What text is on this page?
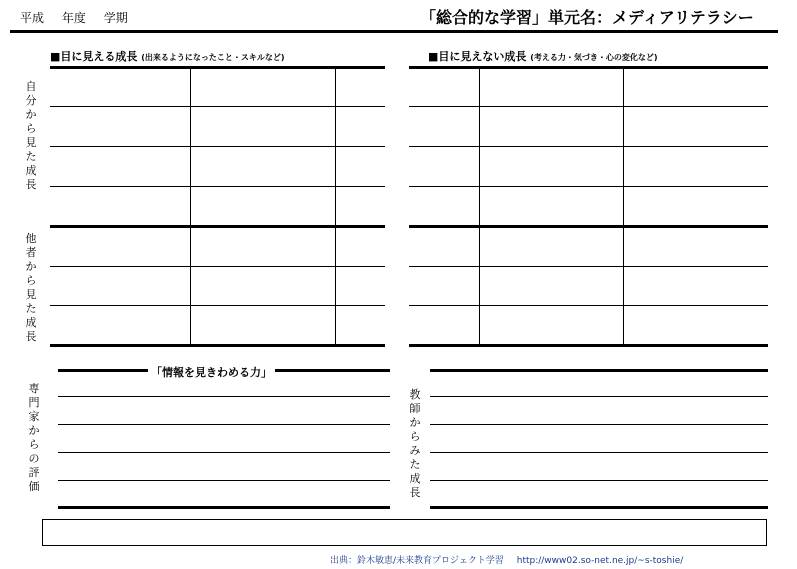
平成 年度 学期	「総合的な学習」単元名：メディアリテラシー
■目に見える成長 (出来るようになったこと・スキルなど)	■目に見えない成長 (考える力・気づき・心の変化など)
自分から見た成長
他者から見た成長
専門家からの評価
教師からみた成長
「情報を見きわめる力」
出典：鈴木敏恵/未来教育プロジェクト学習 http://www02.so-net.ne.jp/~s-toshie/
